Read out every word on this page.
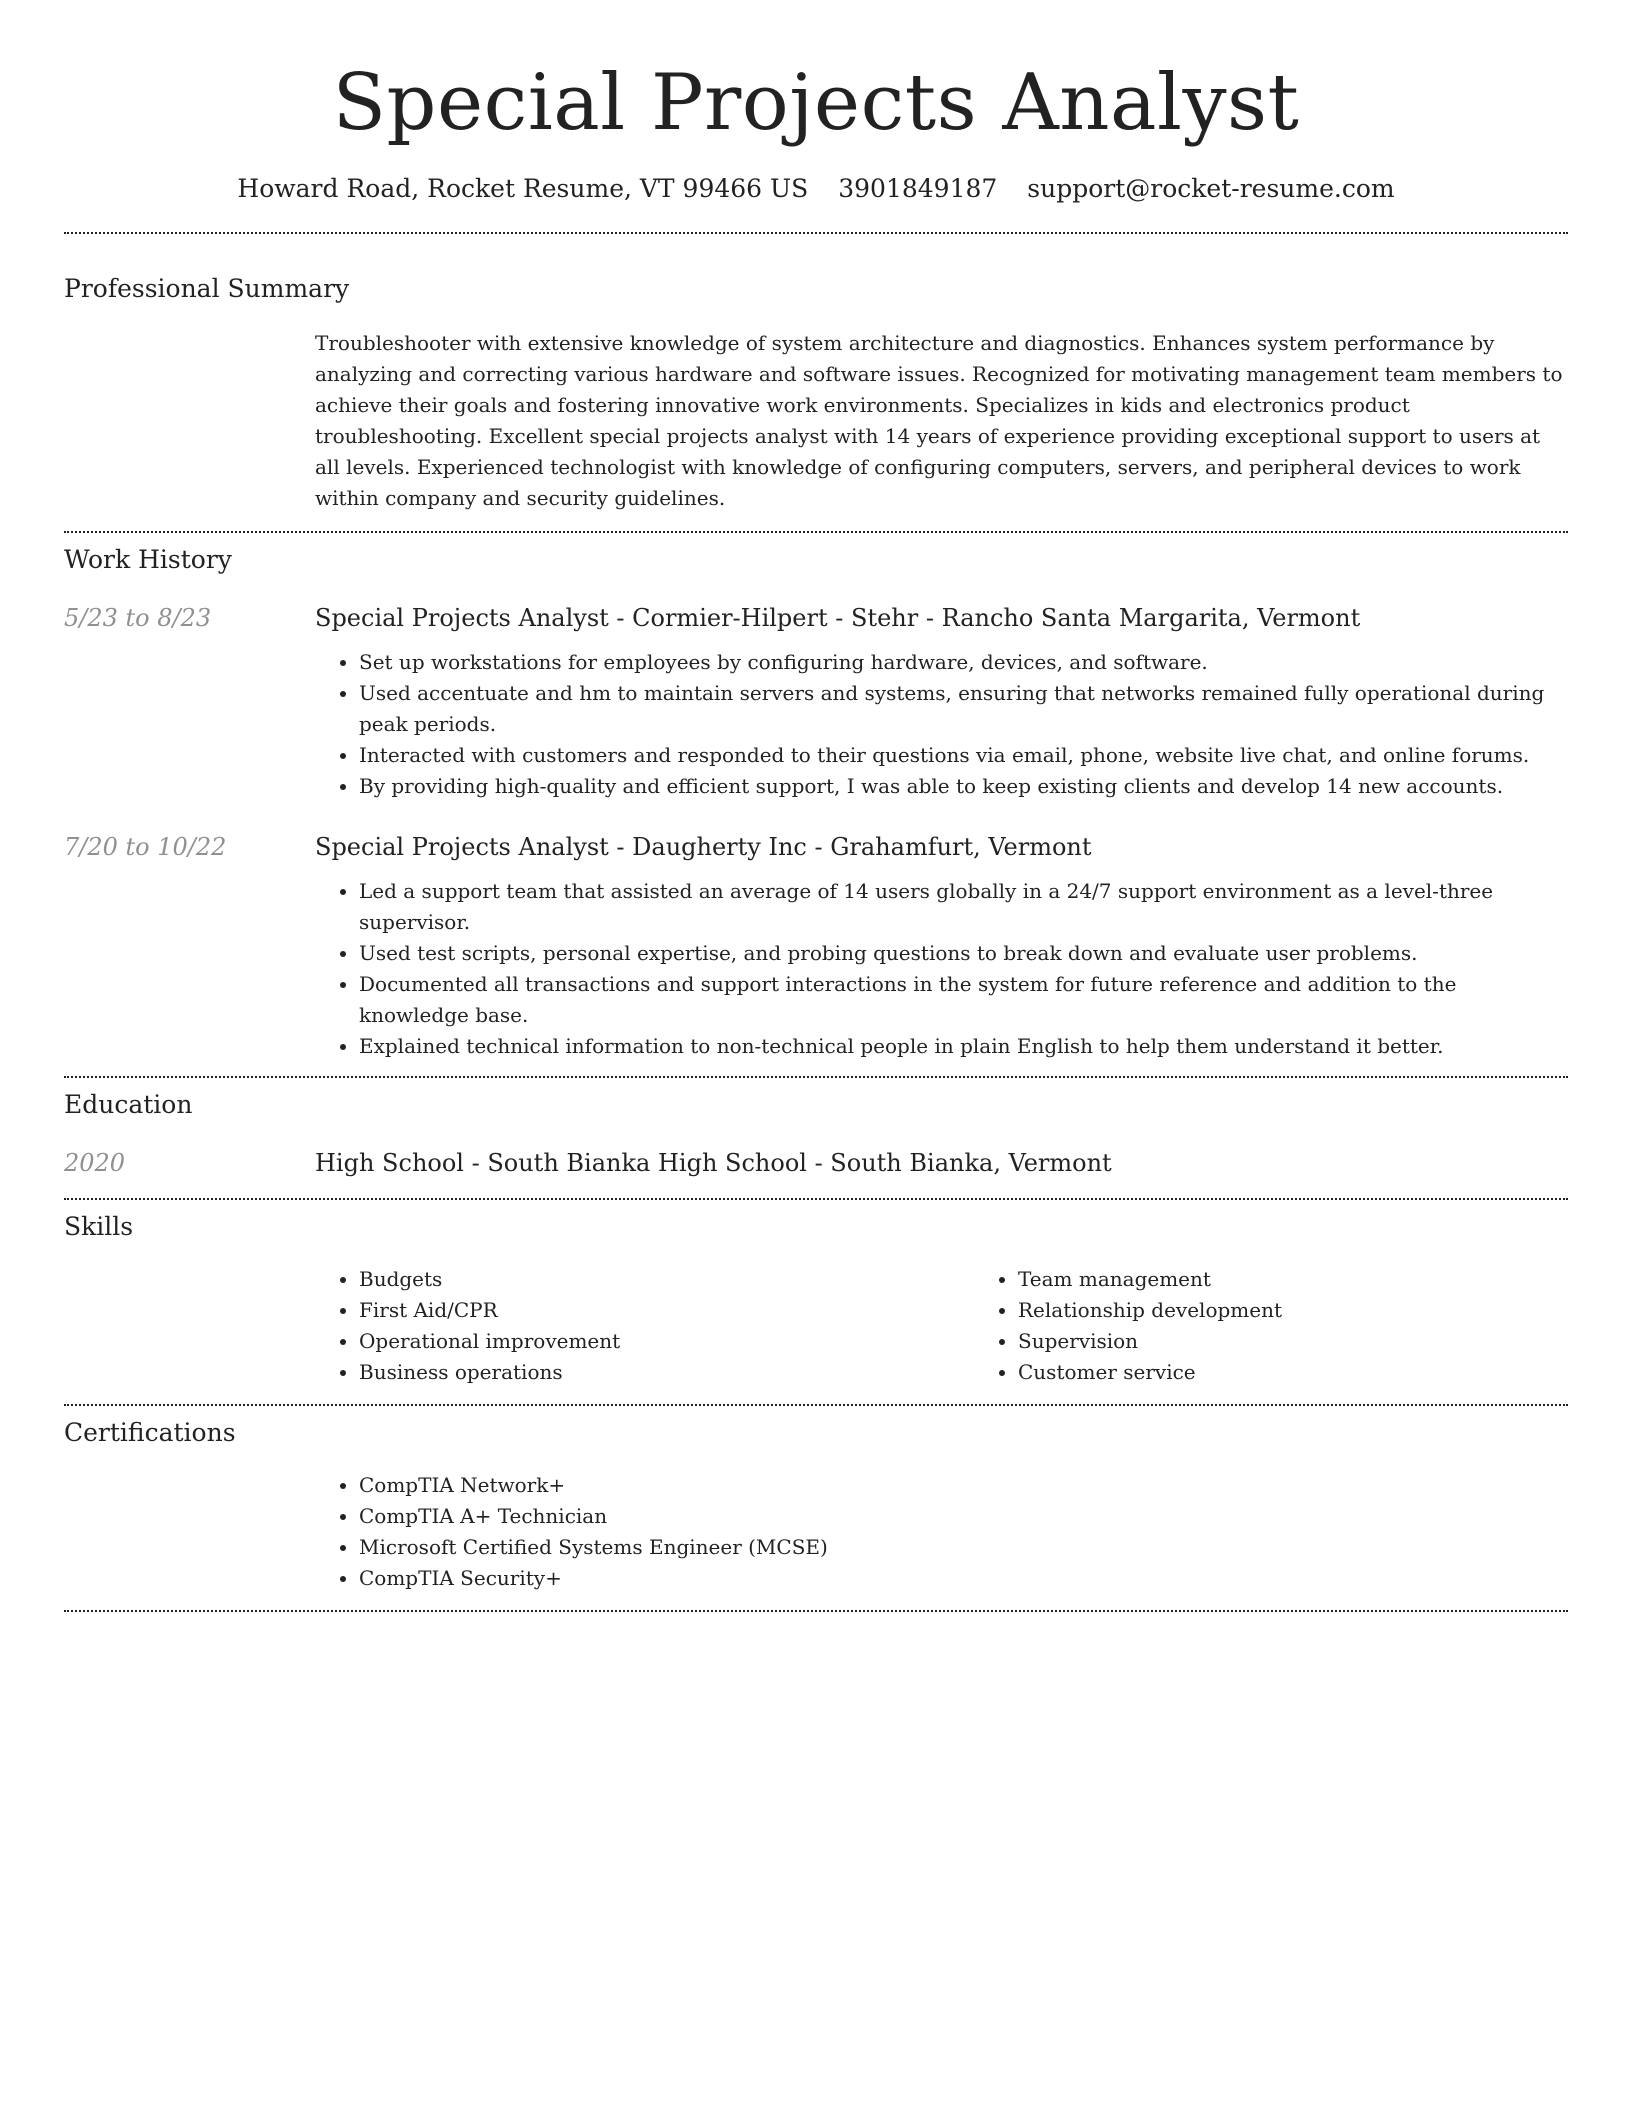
Special Projects Analyst
Howard Road, Rocket Resume, VT 99466 US 3901849187 support@rocket-resume.com
Professional Summary

Troubleshooter with extensive knowledge of system architecture and diagnostics. Enhances system performance by analyzing and correcting various hardware and software issues. Recognized for motivating management team members to achieve their goals and fostering innovative work environments. Specializes in kids and electronics product troubleshooting. Excellent special projects analyst with 14 years of experience providing exceptional support to users at all levels. Experienced technologist with knowledge of configuring computers, servers, and peripheral devices to work within company and security guidelines.

Work History
5/23 to 8/23	Special Projects Analyst - Cormier-Hilpert - Stehr - Rancho Santa Margarita, Vermont

• Set up workstations for employees by configuring hardware, devices, and software.
• Used accentuate and hm to maintain servers and systems, ensuring that networks remained fully operational during peak periods.
• Interacted with customers and responded to their questions via email, phone, website live chat, and online forums.
• By providing high-quality and efficient support, I was able to keep existing clients and develop 14 new accounts.
7/20 to 10/22	Special Projects Analyst - Daugherty Inc - Grahamfurt, Vermont

• Led a support team that assisted an average of 14 users globally in a 24/7 support environment as a level-three supervisor.
• Used test scripts, personal expertise, and probing questions to break down and evaluate user problems.
• Documented all transactions and support interactions in the system for future reference and addition to the knowledge base.
• Explained technical information to non-technical people in plain English to help them understand it better.
Education
2020	High School - South Bianka High School - South Bianka, Vermont

Skills
• Budgets
• First Aid/CPR
• Operational improvement
• Business operations
• Team management
• Relationship development
• Supervision
• Customer service
Certifications
• CompTIA Network+
• CompTIA A+ Technician
• Microsoft Certified Systems Engineer (MCSE)
• CompTIA Security+
